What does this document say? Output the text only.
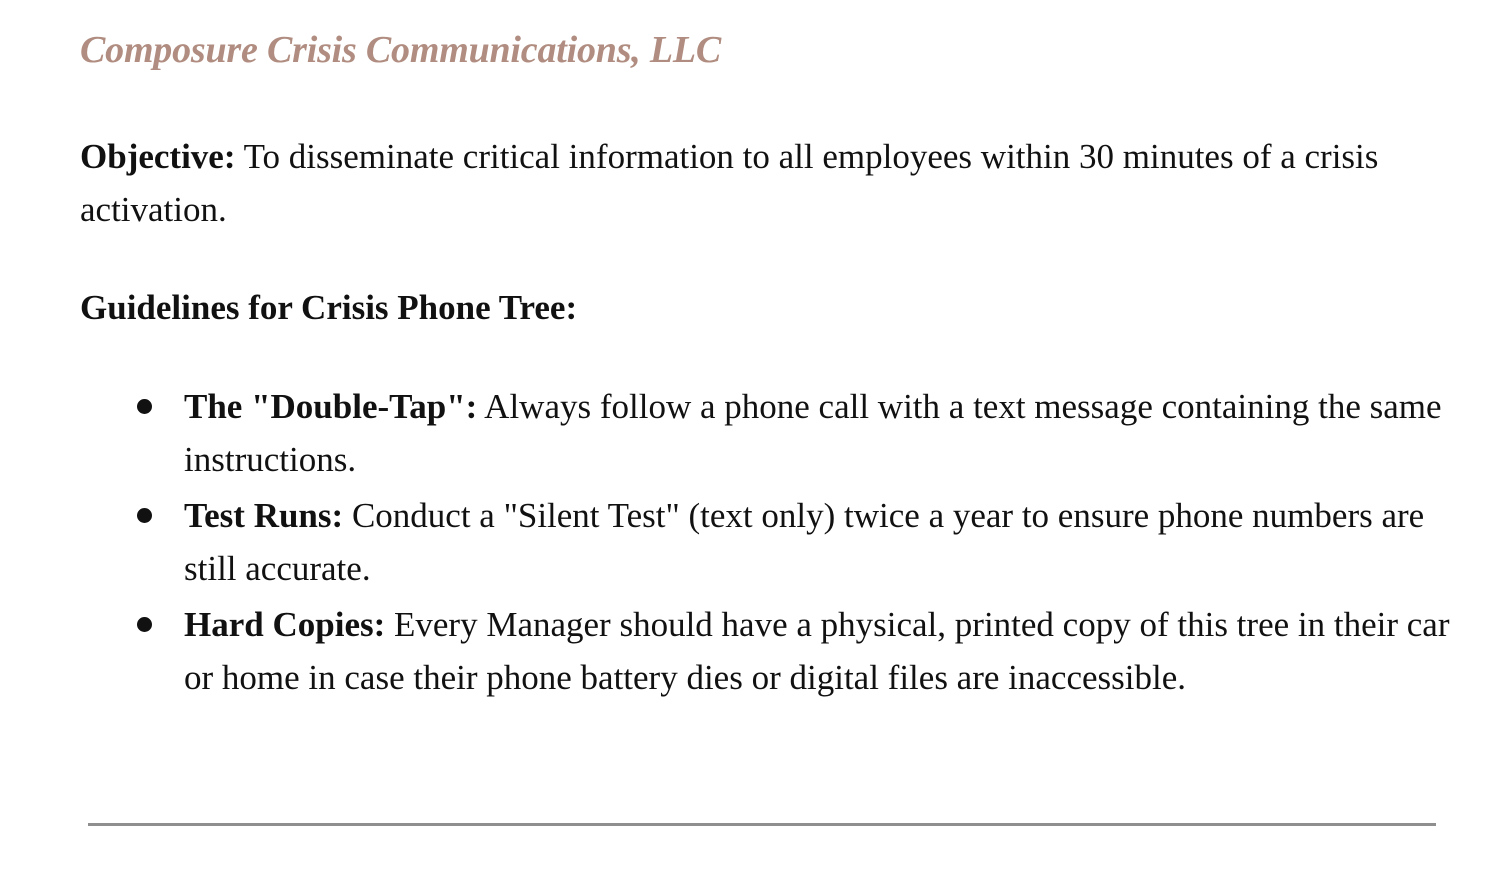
Composure Crisis Communications, LLC

Objective: To disseminate critical information to all employees within 30 minutes of a crisis activation.

Guidelines for Crisis Phone Tree:
The "Double-Tap": Always follow a phone call with a text message containing the same instructions.
Test Runs: Conduct a "Silent Test" (text only) twice a year to ensure phone numbers are still accurate.
Hard Copies: Every Manager should have a physical, printed copy of this tree in their car or home in case their phone battery dies or digital files are inaccessible.
